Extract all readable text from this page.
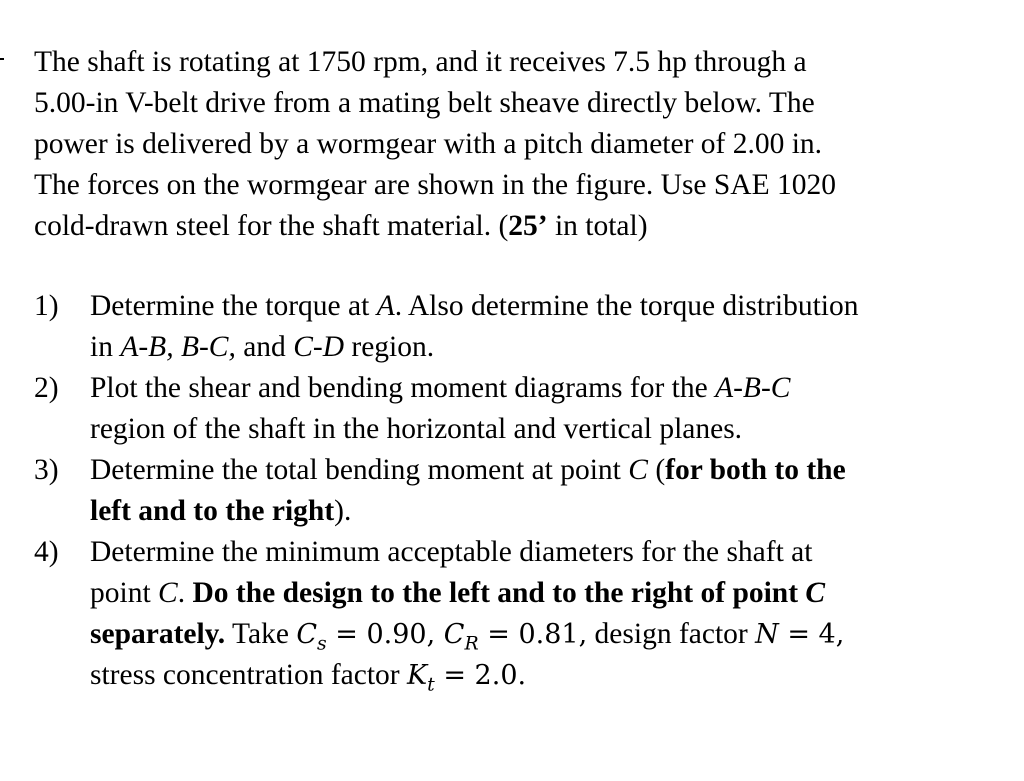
The shaft is rotating at 1750 rpm, and it receives 7.5 hp through a
5.00-in V-belt drive from a mating belt sheave directly below. The
power is delivered by a wormgear with a pitch diameter of 2.00 in.
The forces on the wormgear are shown in the figure. Use SAE 1020
cold-drawn steel for the shaft material. (25’ in total)

1) Determine the torque at A. Also determine the torque distribution
in A-B, B-C, and C-D region.
2) Plot the shear and bending moment diagrams for the A-B-C
region of the shaft in the horizontal and vertical planes.
3) Determine the total bending moment at point C (for both to the
left and to the right).
4) Determine the minimum acceptable diameters for the shaft at
point C. Do the design to the left and to the right of point C
separately. Take $C_s = 0.90$, $C_R = 0.81$, design factor N = 4,
stress concentration factor $K_t = 2.0$.
